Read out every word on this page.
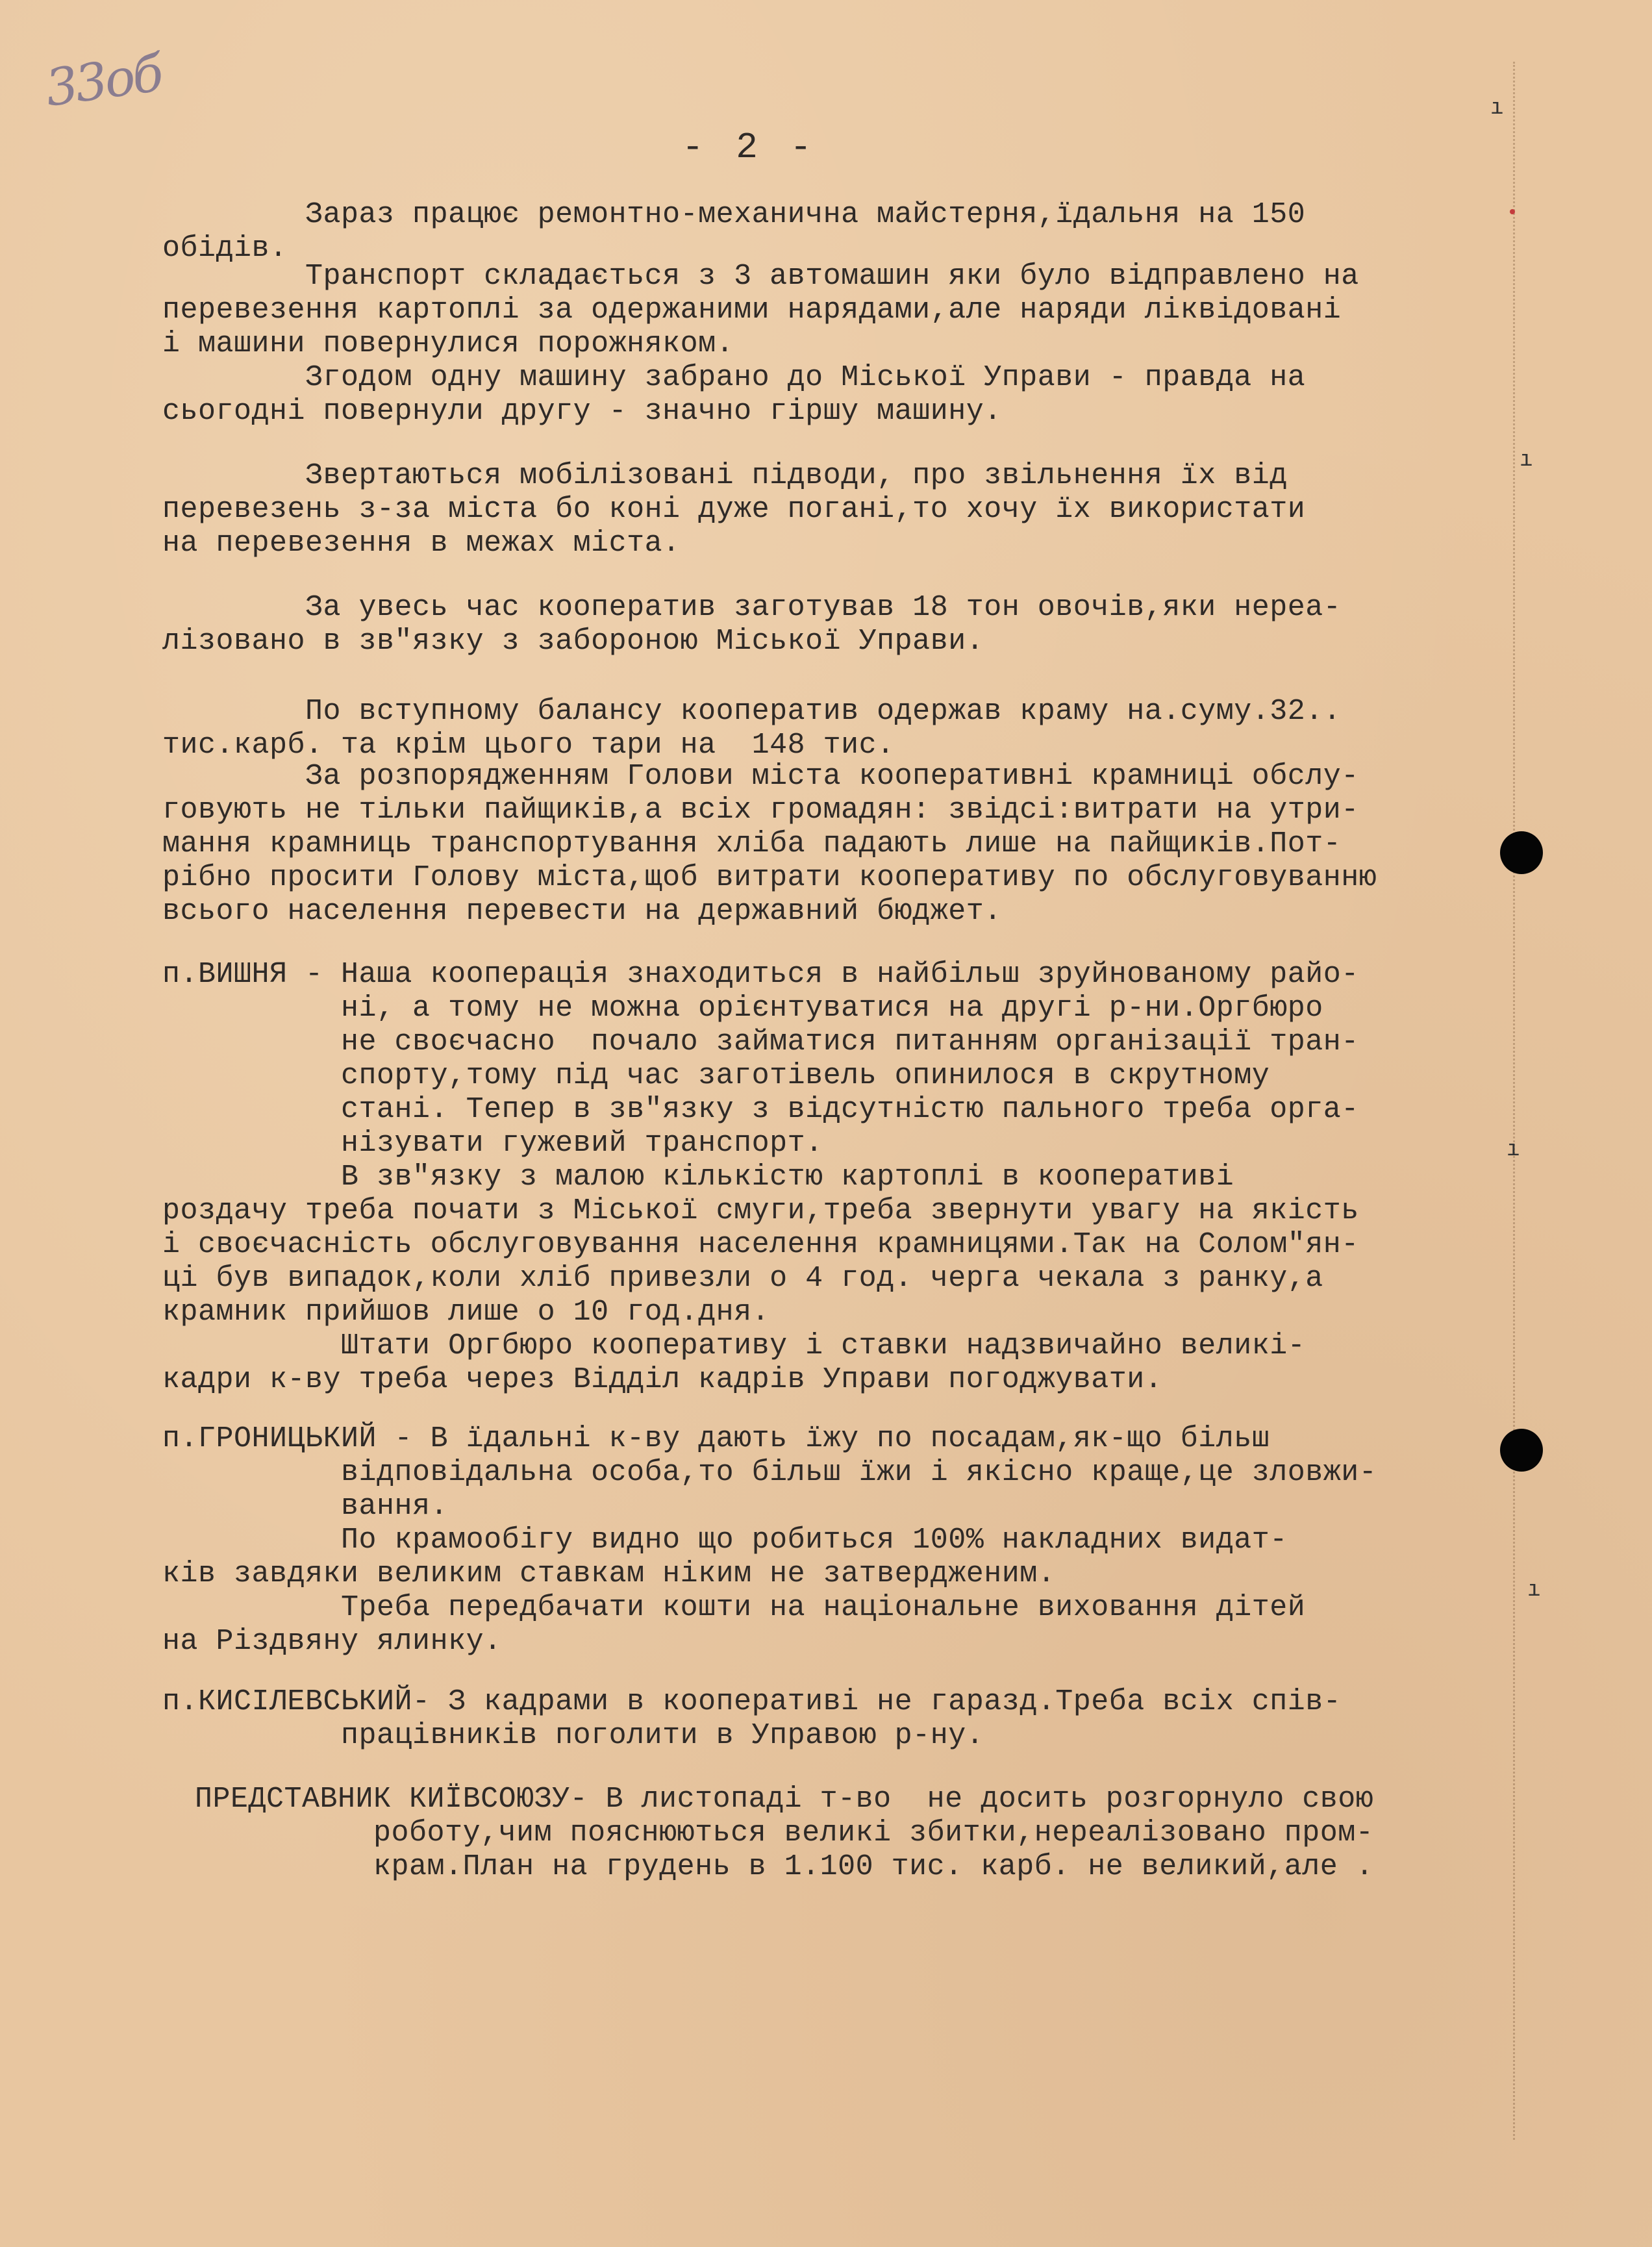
33об
- 2 -
ı
ı
ı
ı
Зараз працює ремонтно-механична майстерня,їдальня на 150
обідів.
Транспорт складається з 3 автомашин яки було відправлено на
перевезення картоплі за одержаними нарядами,але наряди ліквідовані
і машини повернулися порожняком.
Згодом одну машину забрано до Міської Управи - правда на
сьогодні повернули другу - значно гіршу машину.
Звертаються мобілізовані підводи, про звільнення їх від
перевезень з-за міста бо коні дуже погані,то хочу їх використати
на перевезення в межах міста.
За увесь час кооператив заготував 18 тон овочів,яки нереа-
лізовано в зв"язку з забороною Міської Управи.
По вступному балансу кооператив одержав краму на.суму.32..
тис.карб. та крім цього тари на  148 тис.
За розпорядженням Голови міста кооперативні крамниці обслу-
говують не тільки пайщиків,а всіх громадян: звідсі:витрати на утри-
мання крамниць транспортування хліба падають лише на пайщиків.Пот-
рібно просити Голову міста,щоб витрати кооперативу по обслуговуванню
всього населення перевести на державний бюджет.
п.ВИШНЯ - Наша кооперація знаходиться в найбільш зруйнованому райо-
ні, а тому не можна орієнтуватися на другі р-ни.Оргбюро
не своєчасно  почало займатися питанням організації тран-
спорту,тому під час заготівель опинилося в скрутному
стані. Тепер в зв"язку з відсутністю пального треба орга-
нізувати гужевий транспорт.
В зв"язку з малою кількістю картоплі в кооперативі
роздачу треба почати з Міської смуги,треба звернути увагу на якість
і своєчасність обслуговування населення крамницями.Так на Солом"ян-
ці був випадок,коли хліб привезли о 4 год. черга чекала з ранку,а
крамник прийшов лише о 10 год.дня.
Штати Оргбюро кооперативу і ставки надзвичайно великі-
кадри к-ву треба через Відділ кадрів Управи погоджувати.
п.ГРОНИЦЬКИЙ - В їдальні к-ву дають їжу по посадам,як-що більш
відповідальна особа,то більш їжи і якісно краще,це зловжи-
вання.
По крамообігу видно що робиться 100% накладних видат-
ків завдяки великим ставкам ніким не затвердженим.
Треба передбачати кошти на національне виховання дітей
на Різдвяну ялинку.
п.КИСІЛЕВСЬКИЙ- З кадрами в кооперативі не гаразд.Треба всіх спів-
працівників поголити в Управою р-ну.
ПРЕДСТАВНИК КИЇВСОЮЗУ- В листопаді т-во  не досить розгорнуло свою
роботу,чим пояснюються великі збитки,нереалізовано пром-
крам.План на грудень в 1.100 тис. карб. не великий,але .
